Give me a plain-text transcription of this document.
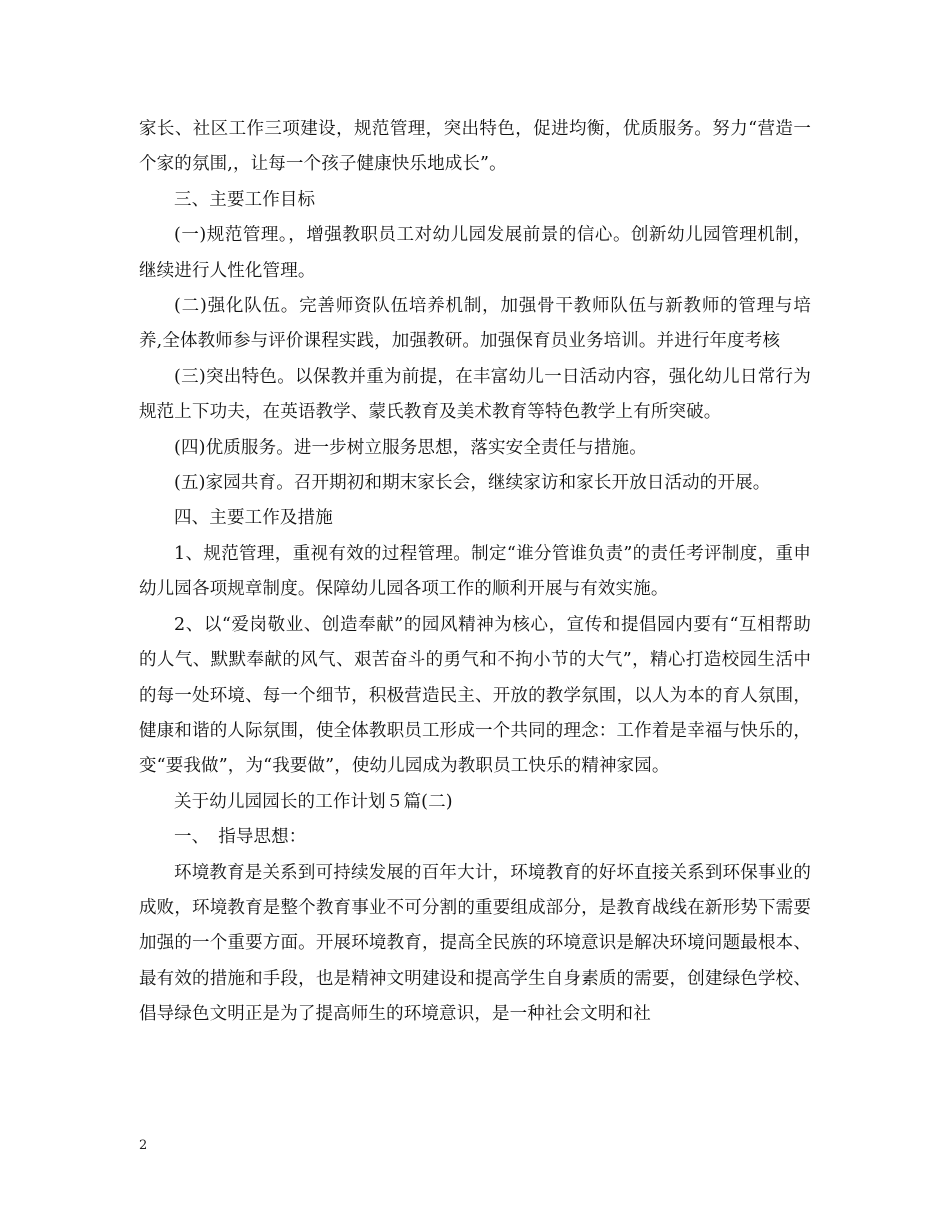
家长、社区工作三项建设，规范管理，突出特色，促进均衡，优质服务。努力“营造一个家的氛围,，让每一个孩子健康快乐地成长”。

三、主要工作目标

(一)规范管理。，增强教职员工对幼儿园发展前景的信心。创新幼儿园管理机制，继续进行人性化管理。

(二)强化队伍。完善师资队伍培养机制，加强骨干教师队伍与新教师的管理与培养,全体教师参与评价课程实践，加强教研。加强保育员业务培训。并进行年度考核

(三)突出特色。以保教并重为前提，在丰富幼儿一日活动内容，强化幼儿日常行为规范上下功夫，在英语教学、蒙氏教育及美术教育等特色教学上有所突破。

(四)优质服务。进一步树立服务思想，落实安全责任与措施。

(五)家园共育。召开期初和期末家长会，继续家访和家长开放日活动的开展。

四、主要工作及措施

1、规范管理，重视有效的过程管理。制定“谁分管谁负责”的责任考评制度，重申幼儿园各项规章制度。保障幼儿园各项工作的顺利开展与有效实施。

2、以“爱岗敬业、创造奉献”的园风精神为核心，宣传和提倡园内要有“互相帮助的人气、默默奉献的风气、艰苦奋斗的勇气和不拘小节的大气”，精心打造校园生活中的每一处环境、每一个细节，积极营造民主、开放的教学氛围，以人为本的育人氛围，健康和谐的人际氛围，使全体教职员工形成一个共同的理念：工作着是幸福与快乐的，变“要我做”，为“我要做”，使幼儿园成为教职员工快乐的精神家园。

关于幼儿园园长的工作计划５篇(二)

一、　指导思想：

环境教育是关系到可持续发展的百年大计，环境教育的好坏直接关系到环保事业的成败，环境教育是整个教育事业不可分割的重要组成部分，是教育战线在新形势下需要加强的一个重要方面。开展环境教育，提高全民族的环境意识是解决环境问题最根本、最有效的措施和手段，也是精神文明建设和提高学生自身素质的需要，创建绿色学校、倡导绿色文明正是为了提高师生的环境意识，是一种社会文明和社

2
